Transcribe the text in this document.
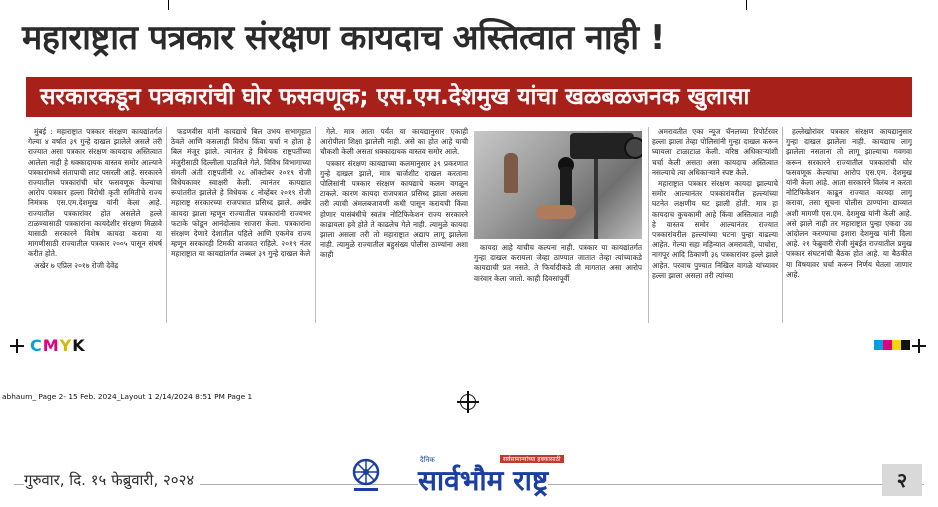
महाराष्ट्रात पत्रकार संरक्षण कायदाच अस्तित्वात नाही !
सरकारकडून पत्रकारांची घोर फसवणूक; एस.एम.देशमुख यांचा खळबळजनक खुलासा

मुंबई : महाराष्ट्रात पत्रकार संरक्षण कायद्यांतर्गत गेल्या ४ वर्षात ३९ गुन्हे दाखल झालेले असले तरी राज्यात असा पत्रकार संरक्षण कायदाच अस्तित्वात आलेला नाही हे धक्कादायक वास्तव समोर आल्याने पत्रकारांमध्ये संतापाची लाट पसरली आहे. सरकारने राज्यातील पत्रकारांची घोर फसवणूक केल्याचा आरोप पत्रकार हल्ला विरोधी कृती समितीचे राज्य निमंत्रक एस.एम.देशमुख यांनी केला आहे. राज्यातील पत्रकारांवर होत असलेले हल्ले टाळण्यासाठी पत्रकारांना कायदेशीर संरक्षण मिळावे यासाठी सरकारने विशेष कायदा करावा या मागणीसाठी राज्यातील पत्रकार २००५ पासून संघर्ष करीत होते.

अखेर ७ एप्रिल २०१७ रोजी देवेंद्र

फडणवीस यांनी कायद्याचे बिल उभय सभागृहात ठेवले आणि कसलाही विरोध किंवा चर्चा न होता हे बिल मंजूर झाले. त्यानंतर हे विधेयक राष्ट्रपतींच्या मंजुरीसाठी दिल्लीला पाठविले गेले. विविध विभागाच्या संमती अंती राष्ट्रपतींनी २८ ऑक्टोबर २०१९ रोजी विधेयकावर स्वाक्षरी केली. त्यानंतर कायद्यात रूपांतरीत झालेले हे विधेयक ८ नोव्हेंबर २०१९ रोजी महाराष्ट्र सरकारच्या राजपत्रात प्रसिध्द झाले. अखेर कायदा झाला म्हणून राज्यातील पत्रकारांनी राज्यभर फटाके फोडून आनंदोत्सव साजरा केला. पत्रकारांना संरक्षण देणारे देशातील पहिले आणि एकमेव राज्य म्हणून सरकारही टिमकी वाजवत राहिले. २०१९ नंतर महाराष्ट्रात या कायद्यांतर्गत तब्बल ३९ गुन्हे दाखल केले

गेले. मात्र आता पर्यंत या कायद्यानुसार एकाही आरोपीला शिक्षा झालेली नाही. असे का होत आहे याची चौकशी केली असता धक्कादायक वास्तव समोर आले.

पत्रकार संरक्षण कायद्याच्या कलमानुसार ३९ प्रकरणात गुन्हे दाखल झाले, मात्र चार्जशीट दाखल करताना पोलिसांनी पत्रकार संरक्षण कायद्याचे कलम वगळून टाकले. कारण कायदा राजपत्रात प्रसिध्द झाला असला तरी त्याची अंमलबजावणी कधी पासून करायची किंवा होणार यासंबंधीचे स्वतंत्र नोटिफिकेशन राज्य सरकारने काढायला हवे होते ते काढलेच गेले नाही. त्यामुळे कायदा झाला असला तरी तो महाराष्ट्रात अद्याप लागू झालेला नाही. त्यामुळे राज्यातील बहुसंख्य पोलीस ठाण्यांना अशा काही

कायदा आहे याचीच कल्पना नाही. पत्रकार या कायद्यांतर्गत गुन्हा दाखल करायला जेव्हा ठाण्यात जातात तेव्हा त्यांच्याकडे कायद्याची प्रत नसते. ते फिर्यादीकडे ती मागतात असा आरोप वारंवार केला जातो. काही दिवसांपूर्वी

अमरावतीत एका न्यूज चॅनलच्या रिपोर्टरवर हल्ला झाला तेव्हा पोलिसांनी गुन्हा दाखल करून घ्यायला टाळाटाळ केली. वरिष्ठ अधिकाऱ्यांशी चर्चा केली असता असा कायदाच अस्तित्वात नसल्याचे त्या अधिकाऱ्याने स्पष्ट केले.

महाराष्ट्रात पत्रकार संरक्षण कायदा झाल्याचे समोर आल्यानंतर पत्रकारांवरील हल्ल्यांच्या घटनेत लक्षणीय घट झाली होती. मात्र हा कायदाच कुचकामी आहे किंवा अस्तित्वात नाही हे वास्तव समोर आल्यानंतर राज्यात पत्रकारांवरील हल्ल्यांच्या घटना पुन्हा वाढल्या आहेत. गेल्या सहा महिन्यात अमरावती, पाचोरा, नागपूर आदि ठिकाणी ३६ पत्रकारांवर हल्ले झाले आहेत. परवाच पुण्यात निखिल वागळे यांच्यावर हल्ला झाला असला तरी त्यांच्या

हल्लेखोरांवर पत्रकार संरक्षण कायद्यानुसार गुन्हा दाखल झालेला नाही. कायद्याच लागू झालेला नसताना तो लागू झाल्याचा गवगवा करून सरकारने राज्यातील पत्रकारांची घोर फसवणूक केल्याचा आरोप एस.एम. देशमुख यांनी केला आहे. आता सरकारने विलंब न करता नोटिफिकेशन काढून राज्यात कायदा लागू करावा, तसा सूचना पोलीस ठाण्यांना द्याव्यात अशी मागणी एस.एम. देशमुख यांनी केली आहे. असे झाले नाही तर महाराष्ट्रात पुन्हा एकदा उग्र आंदोलन करण्याचा इशारा देशमुख यांनी दिला आहे. २१ फेब्रुवारी रोजी मुंबईत राज्यातील प्रमुख पत्रकार संघटनांची बैठक होत आहे. या बैठकीत या विषयावर चर्चा करून निर्णय घेतला जाणार आहे.

CMYK
abhaum_ Page 2- 15 Feb. 2024_Layout 1 2/14/2024 8:51 PM Page 1
गुरुवार, दि. १५ फेब्रुवारी, २०२४
दैनिक	सर्वसामान्यांच्या हक्कासाठी
सार्वभौम राष्ट्र	२
